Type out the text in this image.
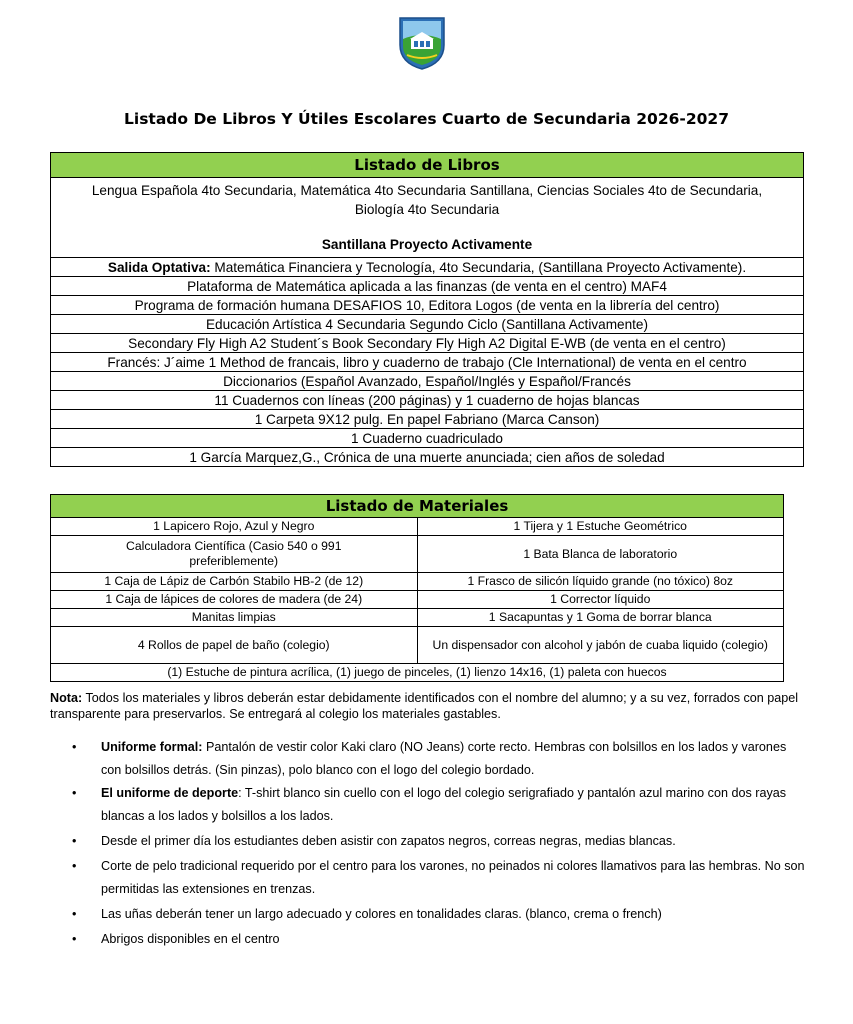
Listado De Libros Y Útiles Escolares Cuarto de Secundaria 2026-2027
Listado de Libros

Lengua Española 4to Secundaria, Matemática 4to Secundaria Santillana, Ciencias Sociales 4to de Secundaria, Biología 4to Secundaria
Santillana Proyecto Activamente

Salida Optativa: Matemática Financiera y Tecnología, 4to Secundaria, (Santillana Proyecto Activamente).
Plataforma de Matemática aplicada a las finanzas (de venta en el centro) MAF4
Programa de formación humana DESAFIOS 10, Editora Logos (de venta en la librería del centro)
Educación Artística 4 Secundaria Segundo Ciclo (Santillana Activamente)
Secondary Fly High A2 Student´s Book Secondary Fly High A2 Digital E-WB (de venta en el centro)
Francés: J´aime 1 Method de francais, libro y cuaderno de trabajo (Cle International) de venta en el centro
Diccionarios (Español Avanzado, Español/Inglés y Español/Francés
11 Cuadernos con líneas (200 páginas) y 1 cuaderno de hojas blancas
1 Carpeta 9X12 pulg. En papel Fabriano (Marca Canson)
1 Cuaderno cuadriculado
1 García Marquez,G., Crónica de una muerte anunciada; cien años de soledad
Listado de Materiales	
1 Lapicero Rojo, Azul y Negro	1 Tijera y 1 Estuche Geométrico
Calculadora Científica (Casio 540 o 991 preferiblemente)	1 Bata Blanca de laboratorio
1 Caja de Lápiz de Carbón Stabilo HB-2 (de 12)	1 Frasco de silicón líquido grande (no tóxico) 8oz
1 Caja de lápices de colores de madera (de 24)	1 Corrector líquido
Manitas limpias	1 Sacapuntas y 1 Goma de borrar blanca
4 Rollos de papel de baño (colegio)	Un dispensador con alcohol y jabón de cuaba liquido (colegio)
(1) Estuche de pintura acrílica, (1) juego de pinceles, (1) lienzo 14x16, (1) paleta con huecos	
Nota: Todos los materiales y libros deberán estar debidamente identificados con el nombre del alumno; y a su vez, forrados con papel transparente para preservarlos. Se entregará al colegio los materiales gastables.
• Uniforme formal: Pantalón de vestir color Kaki claro (NO Jeans) corte recto. Hembras con bolsillos en los lados y varones con bolsillos detrás. (Sin pinzas), polo blanco con el logo del colegio bordado.
• El uniforme de deporte: T-shirt blanco sin cuello con el logo del colegio serigrafiado y pantalón azul marino con dos rayas blancas a los lados y bolsillos a los lados.
• Desde el primer día los estudiantes deben asistir con zapatos negros, correas negras, medias blancas.
• Corte de pelo tradicional requerido por el centro para los varones, no peinados ni colores llamativos para las hembras. No son permitidas las extensiones en trenzas.
• Las uñas deberán tener un largo adecuado y colores en tonalidades claras. (blanco, crema o french)
• Abrigos disponibles en el centro
